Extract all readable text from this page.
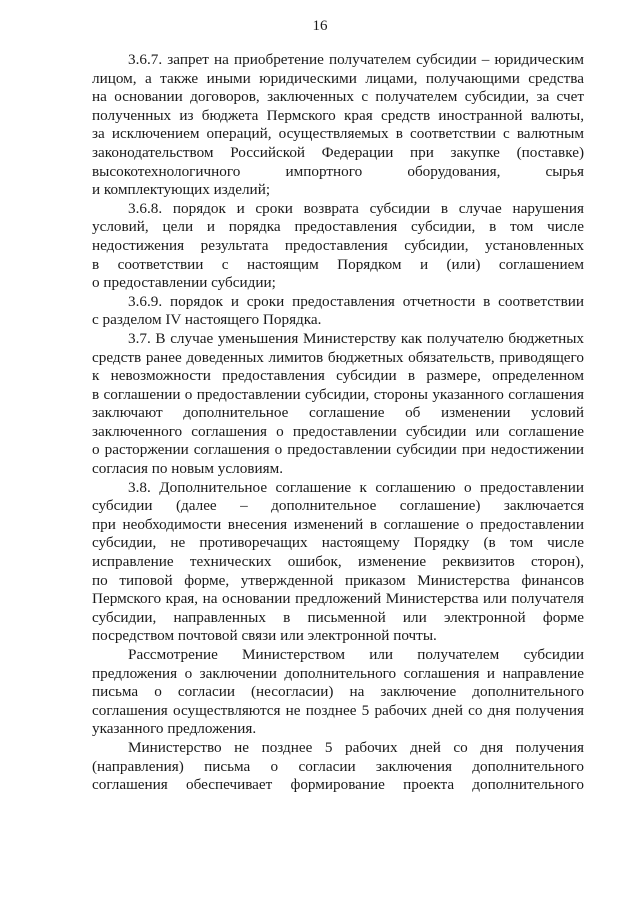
16
3.6.7. запрет на приобретение получателем субсидии – юридическим
лицом, а также иными юридическими лицами, получающими средства
на основании договоров, заключенных с получателем субсидии, за счет
полученных из бюджета Пермского края средств иностранной валюты,
за исключением операций, осуществляемых в соответствии с валютным
законодательством Российской Федерации при закупке (поставке)
высокотехнологичного импортного оборудования, сырья
и комплектующих изделий;
3.6.8. порядок и сроки возврата субсидии в случае нарушения
условий, цели и порядка предоставления субсидии, в том числе
недостижения результата предоставления субсидии, установленных
в соответствии с настоящим Порядком и (или) соглашением
о предоставлении субсидии;
3.6.9. порядок и сроки предоставления отчетности в соответствии
с разделом IV настоящего Порядка.
3.7. В случае уменьшения Министерству как получателю бюджетных
средств ранее доведенных лимитов бюджетных обязательств, приводящего
к невозможности предоставления субсидии в размере, определенном
в соглашении о предоставлении субсидии, стороны указанного соглашения
заключают дополнительное соглашение об изменении условий
заключенного соглашения о предоставлении субсидии или соглашение
о расторжении соглашения о предоставлении субсидии при недостижении
согласия по новым условиям.
3.8. Дополнительное соглашение к соглашению о предоставлении
субсидии (далее – дополнительное соглашение) заключается
при необходимости внесения изменений в соглашение о предоставлении
субсидии, не противоречащих настоящему Порядку (в том числе
исправление технических ошибок, изменение реквизитов сторон),
по типовой форме, утвержденной приказом Министерства финансов
Пермского края, на основании предложений Министерства или получателя
субсидии, направленных в письменной или электронной форме
посредством почтовой связи или электронной почты.
Рассмотрение Министерством или получателем субсидии
предложения о заключении дополнительного соглашения и направление
письма о согласии (несогласии) на заключение дополнительного
соглашения осуществляются не позднее 5 рабочих дней со дня получения
указанного предложения.
Министерство не позднее 5 рабочих дней со дня получения
(направления) письма о согласии заключения дополнительного
соглашения обеспечивает формирование проекта дополнительного
